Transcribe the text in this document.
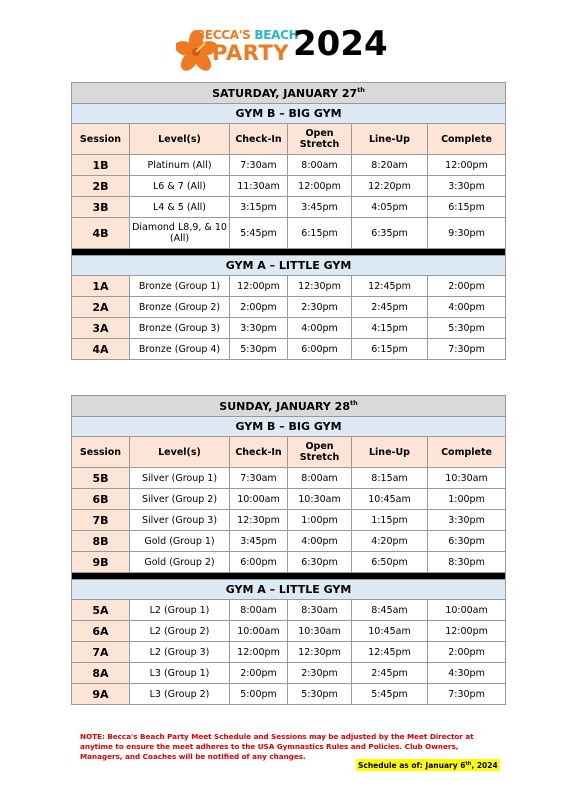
BECCA'S BEACH
PARTY 2024
SATURDAY, JANUARY 27th
GYM B – BIG GYM					
Session	Level(s)	Check-In	Open Stretch	Line-Up	Complete
1B	Platinum (All)	7:30am	8:00am	8:20am	12:00pm
2B	L6 & 7 (All)	11:30am	12:00pm	12:20pm	3:30pm
3B	L4 & 5 (All)	3:15pm	3:45pm	4:05pm	6:15pm
4B	Diamond L8,9, & 10 (All)	5:45pm	6:15pm	6:35pm	9:30pm

GYM A – LITTLE GYM					
1A	Bronze (Group 1)	12:00pm	12:30pm	12:45pm	2:00pm
2A	Bronze (Group 2)	2:00pm	2:30pm	2:45pm	4:00pm
3A	Bronze (Group 3)	3:30pm	4:00pm	4:15pm	5:30pm
4A	Bronze (Group 4)	5:30pm	6:00pm	6:15pm	7:30pm
SUNDAY, JANUARY 28th
GYM B – BIG GYM					
Session	Level(s)	Check-In	Open Stretch	Line-Up	Complete
5B	Silver (Group 1)	7:30am	8:00am	8:15am	10:30am
6B	Silver (Group 2)	10:00am	10:30am	10:45am	1:00pm
7B	Silver (Group 3)	12:30pm	1:00pm	1:15pm	3:30pm
8B	Gold (Group 1)	3:45pm	4:00pm	4:20pm	6:30pm
9B	Gold (Group 2)	6:00pm	6:30pm	6:50pm	8:30pm

GYM A – LITTLE GYM					
5A	L2 (Group 1)	8:00am	8:30am	8:45am	10:00am
6A	L2 (Group 2)	10:00am	10:30am	10:45am	12:00pm
7A	L2 (Group 3)	12:00pm	12:30pm	12:45pm	2:00pm
8A	L3 (Group 1)	2:00pm	2:30pm	2:45pm	4:30pm
9A	L3 (Group 2)	5:00pm	5:30pm	5:45pm	7:30pm
NOTE: Becca's Beach Party Meet Schedule and Sessions may be adjusted by the Meet Director at anytime to ensure the meet adheres to the USA Gymnastics Rules and Policies. Club Owners, Managers, and Coaches will be notified of any changes.
Schedule as of: January 6th, 2024
